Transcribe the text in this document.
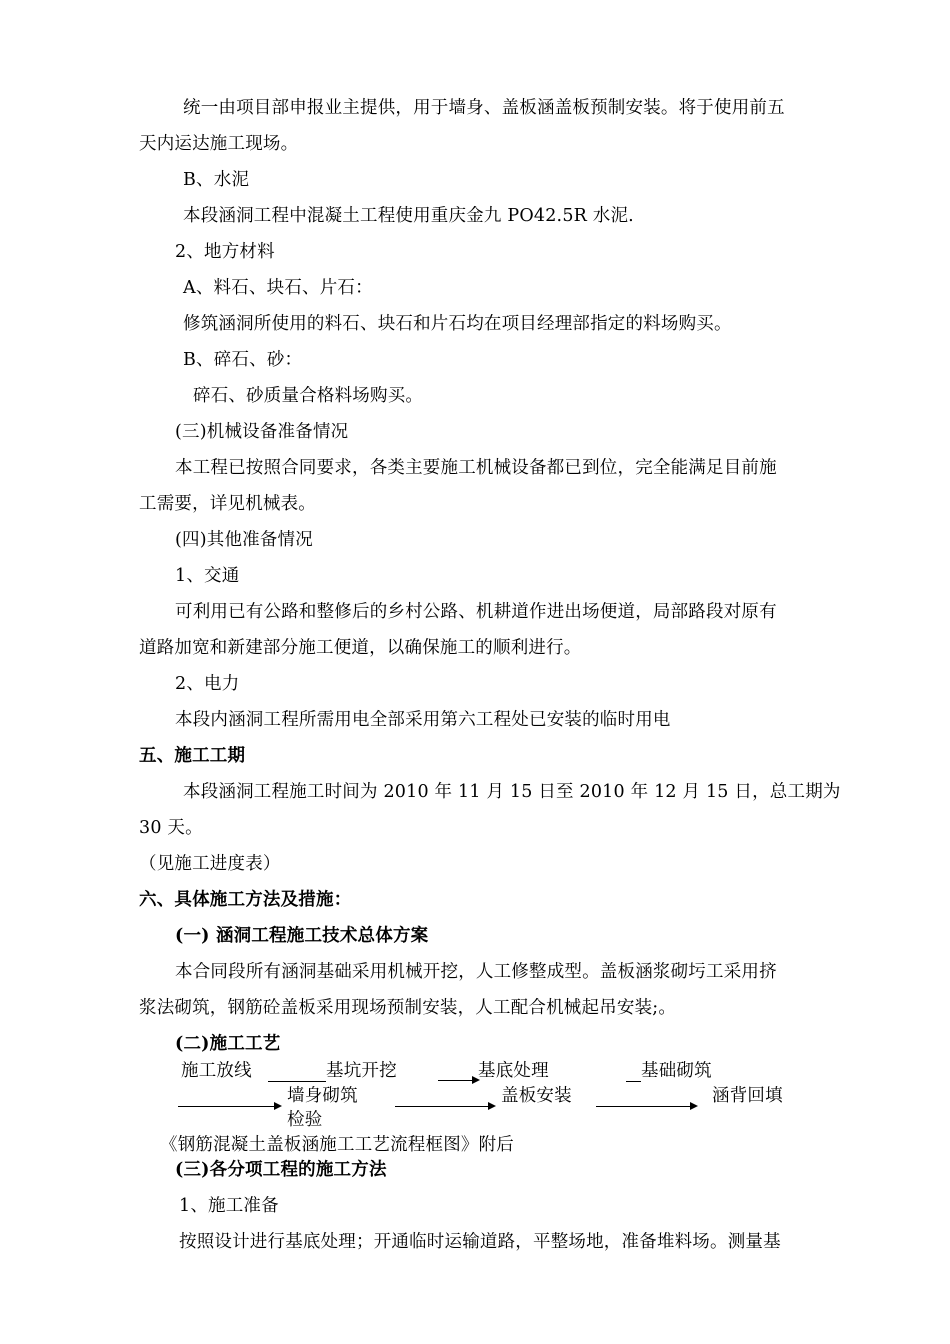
统一由项目部申报业主提供，用于墙身、盖板涵盖板预制安装。将于使用前五
天内运达施工现场。
B、水泥
本段涵洞工程中混凝土工程使用重庆金九 PO42.5R 水泥.
2、地方材料
A、料石、块石、片石：
修筑涵洞所使用的料石、块石和片石均在项目经理部指定的料场购买。
B、碎石、砂：
碎石、砂质量合格料场购买。
(三)机械设备准备情况
本工程已按照合同要求，各类主要施工机械设备都已到位，完全能满足目前施
工需要，详见机械表。
(四)其他准备情况
1、交通
可利用已有公路和整修后的乡村公路、机耕道作进出场便道，局部路段对原有
道路加宽和新建部分施工便道，以确保施工的顺利进行。
2、电力
本段内涵洞工程所需用电全部采用第六工程处已安装的临时用电
五、施工工期
本段涵洞工程施工时间为 2010 年 11 月 15 日至 2010 年 12 月 15 日，总工期为
30 天。
（见施工进度表）
六、具体施工方法及措施：
(一) 涵洞工程施工技术总体方案
本合同段所有涵洞基础采用机械开挖，人工修整成型。盖板涵浆砌圬工采用挤
浆法砌筑，钢筋砼盖板采用现场预制安装，人工配合机械起吊安装;。
(二)施工工艺
施工放线	基坑开挖	基底处理	基础砌筑
墙身砌筑
检验
盖板安装	涵背回填
《钢筋混凝土盖板涵施工工艺流程框图》附后
(三)各分项工程的施工方法
1、施工准备
按照设计进行基底处理；开通临时运输道路，平整场地，准备堆料场。测量基
